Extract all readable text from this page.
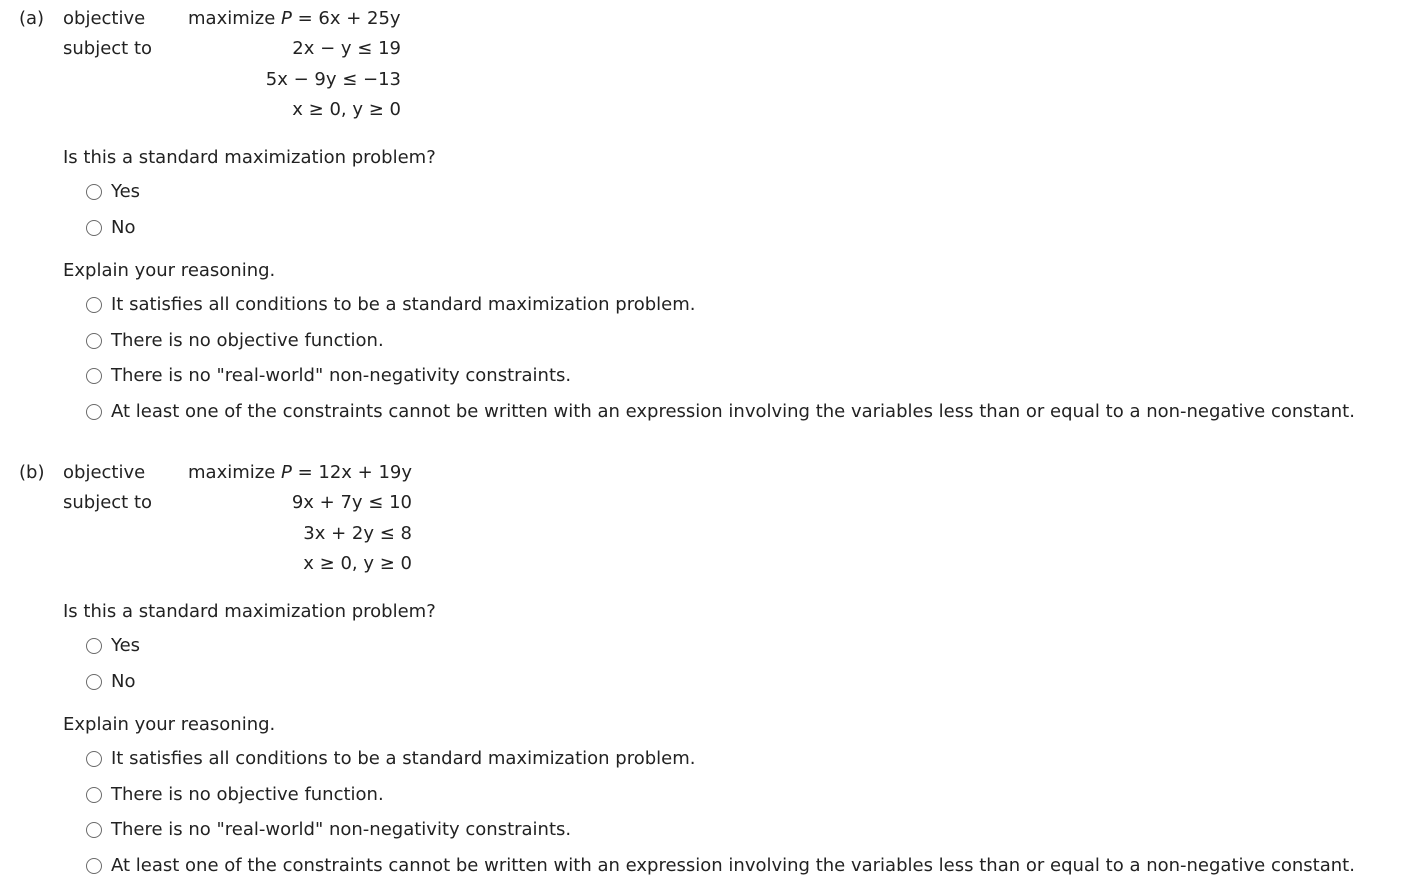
(a) objective
subject to
maximize P = 6x + 25y
2x − y ≤ 19
5x − 9y ≤ −13
x ≥ 0, y ≥ 0
Is this a standard maximization problem?
Yes
No
Explain your reasoning.
It satisfies all conditions to be a standard maximization problem.
There is no objective function.
There is no "real-world" non-negativity constraints.
At least one of the constraints cannot be written with an expression involving the variables less than or equal to a non-negative constant.
(b) objective
subject to
maximize P = 12x + 19y
9x + 7y ≤ 10
3x + 2y ≤ 8
x ≥ 0, y ≥ 0
Is this a standard maximization problem?
Yes
No
Explain your reasoning.
It satisfies all conditions to be a standard maximization problem.
There is no objective function.
There is no "real-world" non-negativity constraints.
At least one of the constraints cannot be written with an expression involving the variables less than or equal to a non-negative constant.
